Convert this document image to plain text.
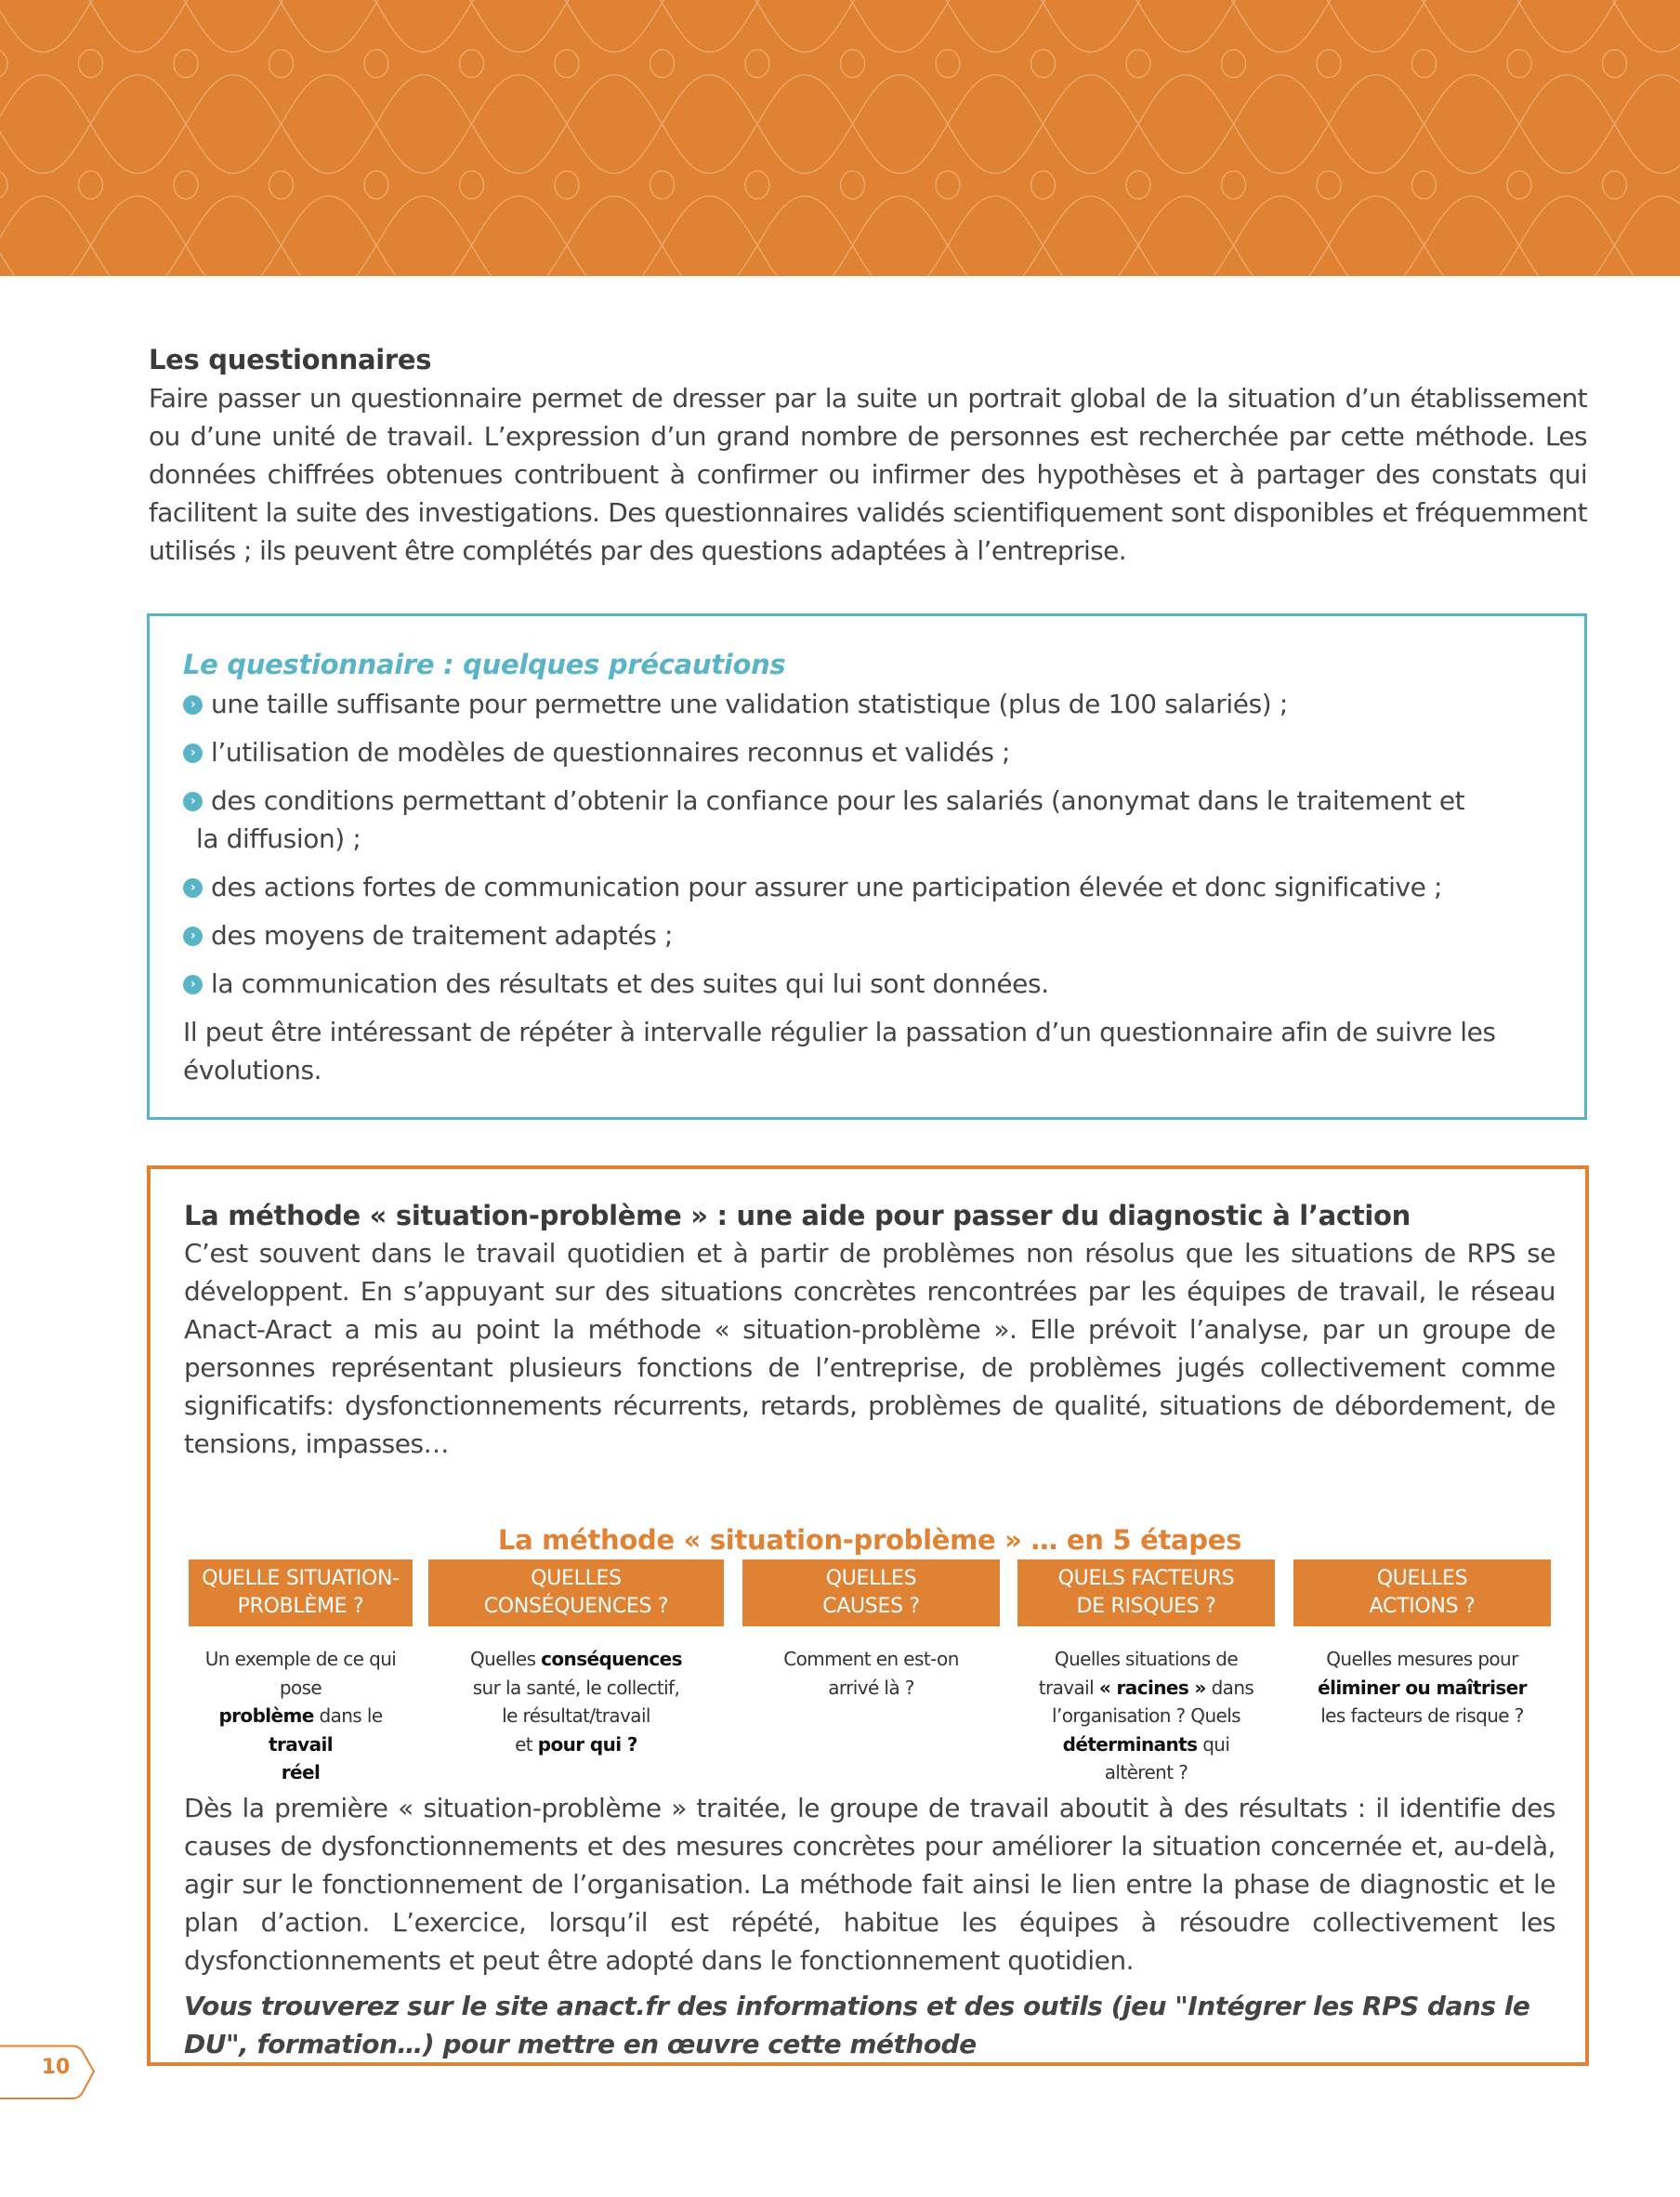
Les questionnaires
Faire passer un questionnaire permet de dresser par la suite un portrait global de la situation d’un établissement ou d’une unité de travail. L’expression d’un grand nombre de personnes est recherchée par cette méthode. Les données chiffrées obtenues contribuent à confirmer ou infirmer des hypothèses et à partager des constats qui facilitent la suite des investigations. Des questionnaires validés scientifiquement sont disponibles et fréquemment utilisés ; ils peuvent être complétés par des questions adaptées à l’entreprise.
Le questionnaire : quelques précautions
› une taille suffisante pour permettre une validation statistique (plus de 100 salariés) ;
› l’utilisation de modèles de questionnaires reconnus et validés ;
› des conditions permettant d’obtenir la confiance pour les salariés (anonymat dans le traitement et
la diffusion) ;
› des actions fortes de communication pour assurer une participation élevée et donc significative ;
› des moyens de traitement adaptés ;
› la communication des résultats et des suites qui lui sont données.
Il peut être intéressant de répéter à intervalle régulier la passation d’un questionnaire afin de suivre les évolutions.
La méthode « situation-problème » : une aide pour passer du diagnostic à l’action
C’est souvent dans le travail quotidien et à partir de problèmes non résolus que les situations de RPS se développent. En s’appuyant sur des situations concrètes rencontrées par les équipes de travail, le réseau Anact-Aract a mis au point la méthode « situation-problème ». Elle prévoit l’analyse, par un groupe de personnes représentant plusieurs fonctions de l’entreprise, de problèmes jugés collectivement comme significatifs: dysfonctionnements récurrents, retards, problèmes de qualité, situations de débordement, de tensions, impasses…
La méthode « situation-problème » … en 5 étapes
QUELLE SITUATION-
PROBLÈME ?
Un exemple de ce qui pose
problème dans le travail
réel
QUELLES
CONSÉQUENCES ?
Quelles conséquences
sur la santé, le collectif,
le résultat/travail
et pour qui ?
QUELLES
CAUSES ?
Comment en est-on
arrivé là ?
QUELS FACTEURS
DE RISQUES ?
Quelles situations de
travail « racines » dans
l’organisation ? Quels
déterminants qui
altèrent ?
QUELLES
ACTIONS ?
Quelles mesures pour
éliminer ou maîtriser
les facteurs de risque ?
Dès la première « situation-problème » traitée, le groupe de travail aboutit à des résultats : il identifie des causes de dysfonctionnements et des mesures concrètes pour améliorer la situation concernée et, au-delà, agir sur le fonctionnement de l’organisation. La méthode fait ainsi le lien entre la phase de diagnostic et le plan d’action. L’exercice, lorsqu’il est répété, habitue les équipes à résoudre collectivement les dysfonctionnements et peut être adopté dans le fonctionnement quotidien.
Vous trouverez sur le site anact.fr des informations et des outils (jeu "Intégrer les RPS dans le DU", formation…) pour mettre en œuvre cette méthode
10
